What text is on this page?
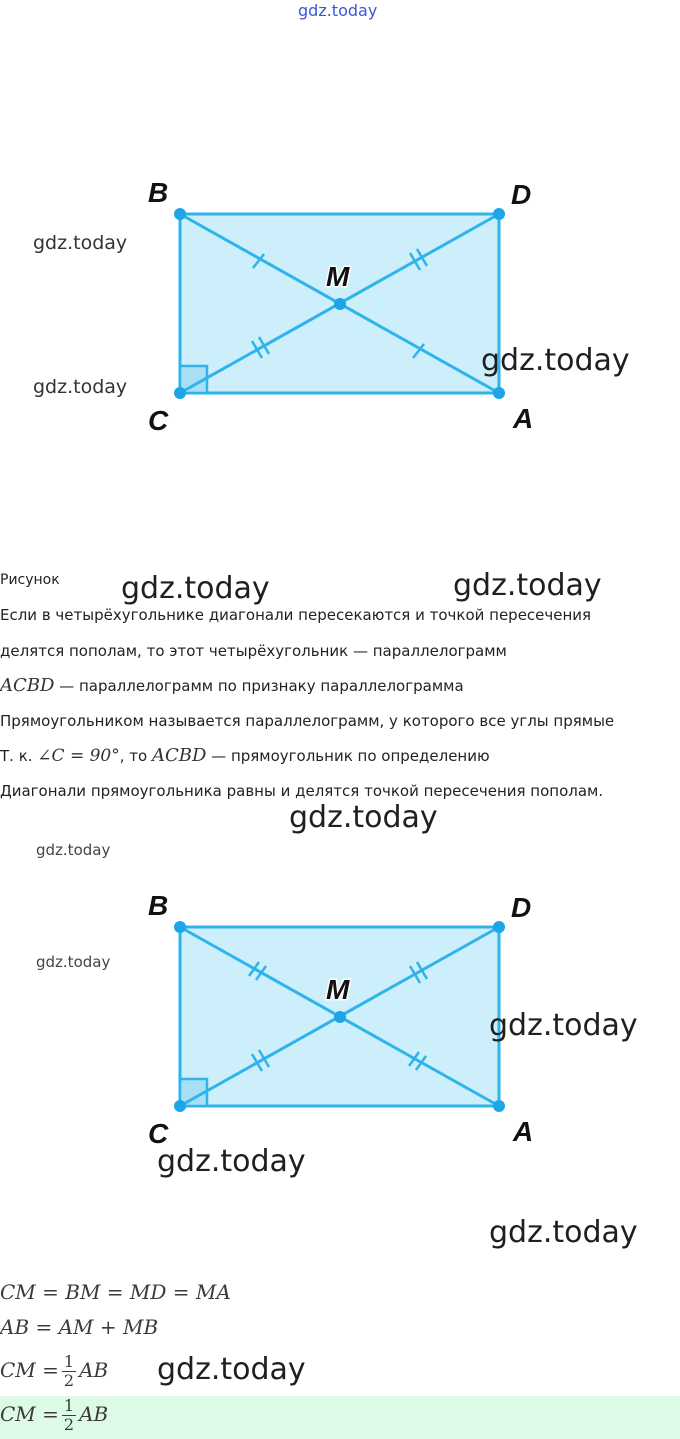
gdz.today
B	D
C	A
M
gdz.today
gdz.today
gdz.today
Рисунок gdz.today	gdz.today
Если в четырёхугольнике диагонали пересекаются и точкой пересечения
делятся пополам, то этот четырёхугольник — параллелограмм
ACBD — параллелограмм по признаку параллелограмма
Прямоугольником называется параллелограмм, у которого все углы прямые
Т. к. ∠C = 90°, то ACBD — прямоугольник по определению
Диагонали прямоугольника равны и делятся точкой пересечения пополам.
gdz.today
gdz.today
B	D
C	A
M
gdz.today
gdz.today
gdz.today
gdz.today
CM = BM = MD = MA
AB = AM + MB
CM = $\frac{1}{2}$ AB gdz.today
CM = $\frac{1}{2}$ AB
